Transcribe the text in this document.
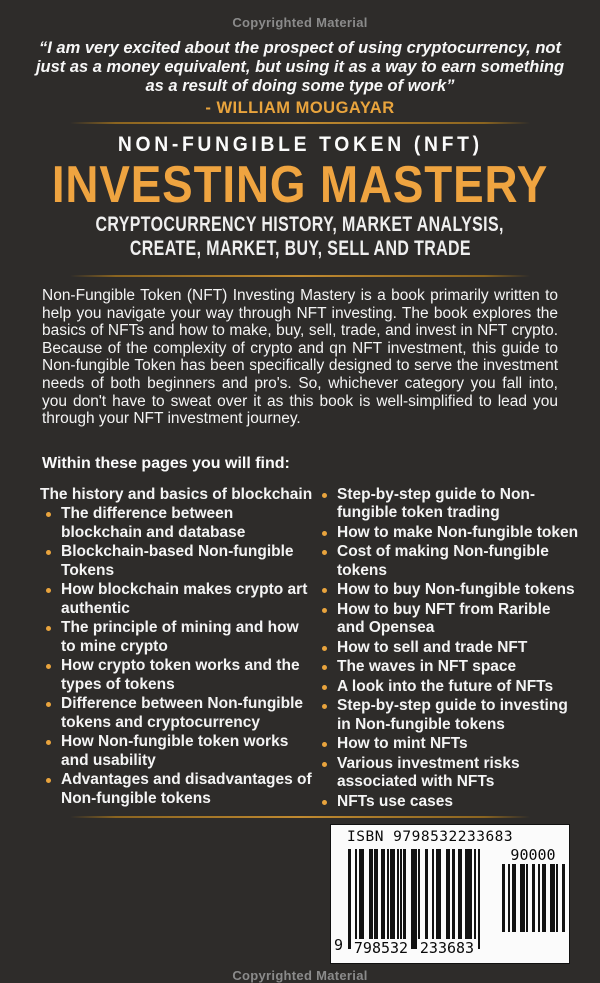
Copyrighted Material
“I am very excited about the prospect of using cryptocurrency, not just as a money equivalent, but using it as a way to earn something as a result of doing some type of work”
- WILLIAM MOUGAYAR
NON-FUNGIBLE TOKEN (NFT)
INVESTING MASTERY
CRYPTOCURRENCY HISTORY, MARKET ANALYSIS,
CREATE, MARKET, BUY, SELL AND TRADE

Non-Fungible Token (NFT) Investing Mastery is a book primarily written to help you navigate your way through NFT investing. The book explores the basics of NFTs and how to make, buy, sell, trade, and invest in NFT crypto. Because of the complexity of crypto and qn NFT investment, this guide to Non-fungible Token has been specifically designed to serve the investment needs of both beginners and pro's. So, whichever category you fall into, you don't have to sweat over it as this book is well-simplified to lead you through your NFT investment journey.

Within these pages you will find:
The history and basics of blockchain
The difference between blockchain and database
Blockchain-based Non-fungible Tokens
How blockchain makes crypto art authentic
The principle of mining and how to mine crypto
How crypto token works and the types of tokens
Difference between Non-fungible tokens and cryptocurrency
How Non-fungible token works and usability
Advantages and disadvantages of Non-fungible tokens
Step-by-step guide to Non-fungible token trading
How to make Non-fungible token
Cost of making Non-fungible tokens
How to buy Non-fungible tokens
How to buy NFT from Rarible and Opensea
How to sell and trade NFT
The waves in NFT space
A look into the future of NFTs
Step-by-step guide to investing in Non-fungible tokens
How to mint NFTs
Various investment risks associated with NFTs
NFTs use cases
ISBN 9798532233683
9 798532 233683
90000
Copyrighted Material
